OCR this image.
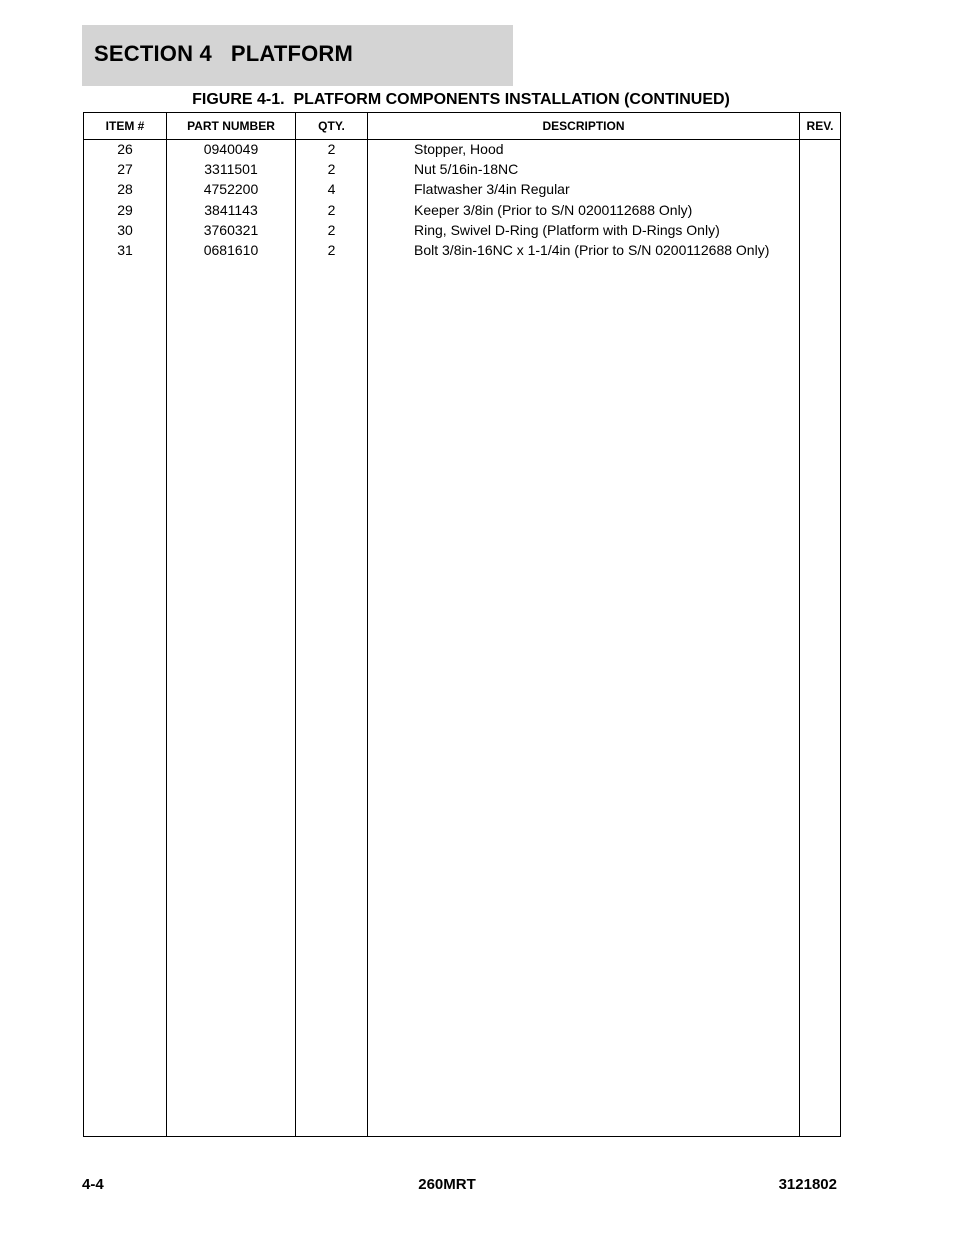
SECTION 4   PLATFORM
FIGURE 4-1.  PLATFORM COMPONENTS INSTALLATION (CONTINUED)
ITEM #	PART NUMBER	QTY.	DESCRIPTION	REV.
26	0940049	2	Stopper, Hood
27	3311501	2	Nut 5/16in-18NC
28	4752200	4	Flatwasher 3/4in Regular
29	3841143	2	Keeper 3/8in (Prior to S/N 0200112688 Only)
30	3760321	2	Ring, Swivel D-Ring (Platform with D-Rings Only)
31	0681610	2	Bolt 3/8in-16NC x 1-1/4in (Prior to S/N 0200112688 Only)
4-4	260MRT	3121802
